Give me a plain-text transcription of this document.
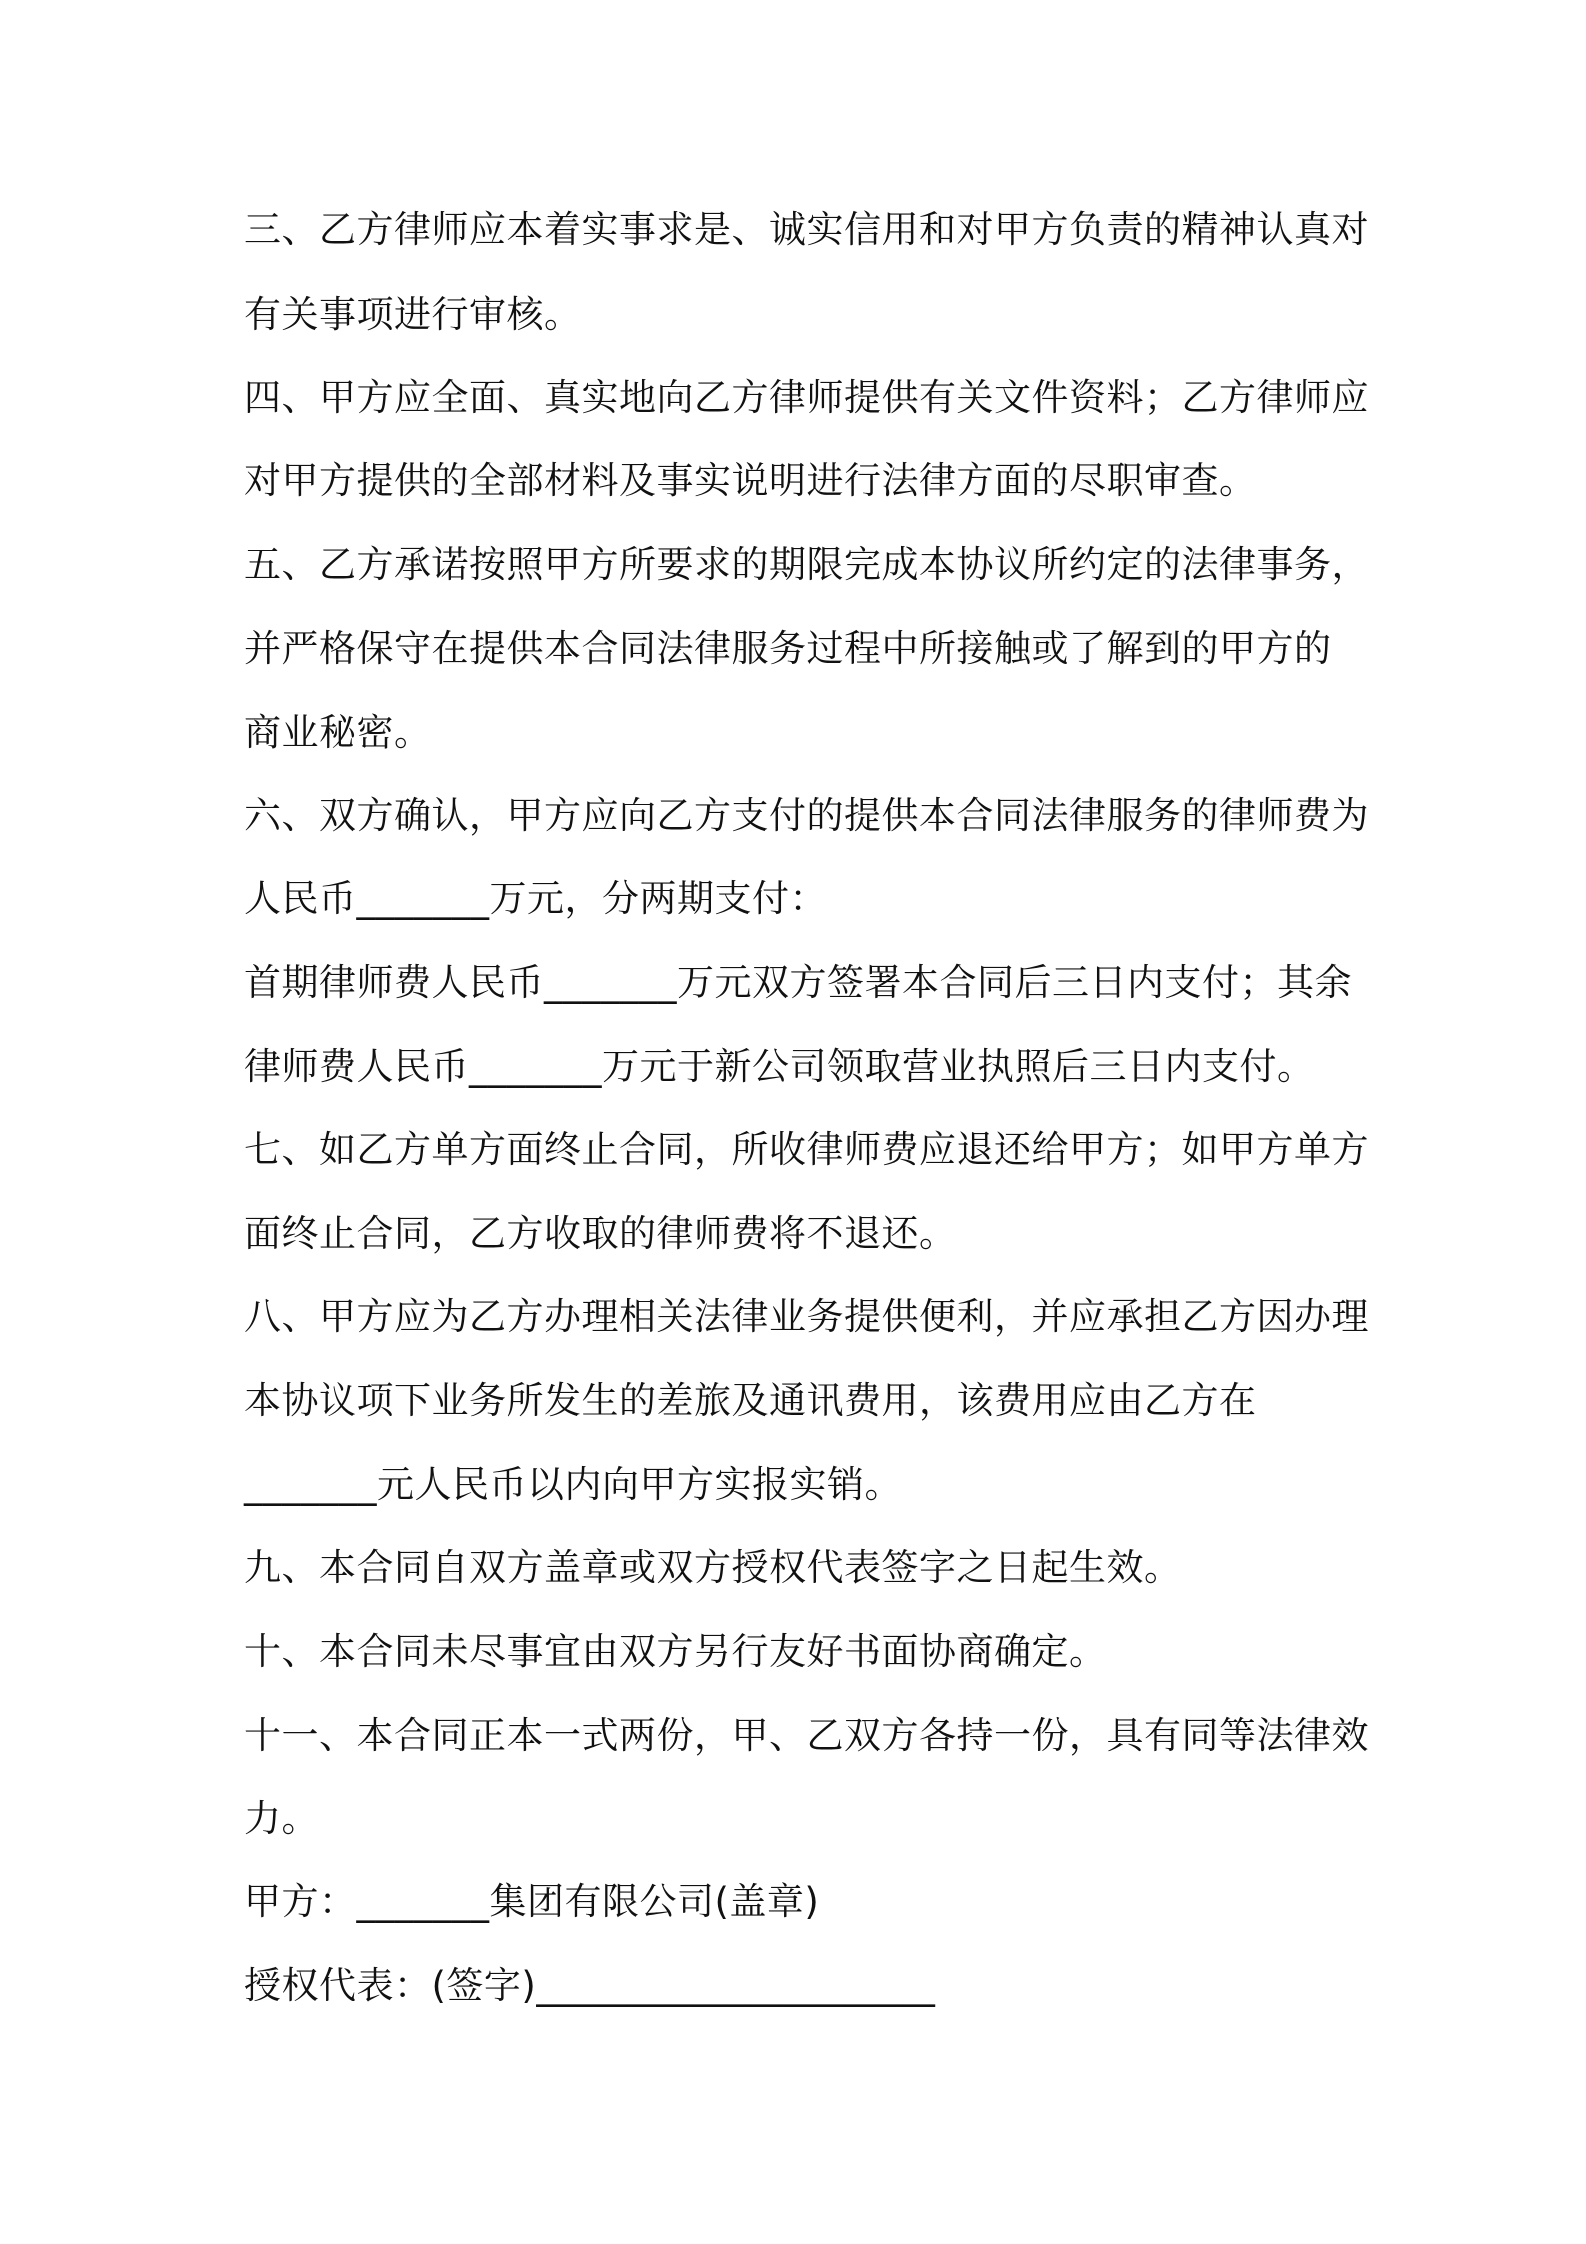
三、乙方律师应本着实事求是、诚实信用和对甲方负责的精神认真对
有关事项进行审核。
四、甲方应全面、真实地向乙方律师提供有关文件资料；乙方律师应
对甲方提供的全部材料及事实说明进行法律方面的尽职审查。
五、乙方承诺按照甲方所要求的期限完成本协议所约定的法律事务，
并严格保守在提供本合同法律服务过程中所接触或了解到的甲方的
商业秘密。
六、双方确认，甲方应向乙方支付的提供本合同法律服务的律师费为
人民币_______万元，分两期支付：
首期律师费人民币_______万元双方签署本合同后三日内支付；其余
律师费人民币_______万元于新公司领取营业执照后三日内支付。
七、如乙方单方面终止合同，所收律师费应退还给甲方；如甲方单方
面终止合同，乙方收取的律师费将不退还。
八、甲方应为乙方办理相关法律业务提供便利，并应承担乙方因办理
本协议项下业务所发生的差旅及通讯费用，该费用应由乙方在
_______元人民币以内向甲方实报实销。
九、本合同自双方盖章或双方授权代表签字之日起生效。
十、本合同未尽事宜由双方另行友好书面协商确定。
十一、本合同正本一式两份，甲、乙双方各持一份，具有同等法律效
力。
甲方：_______集团有限公司(盖章)
授权代表：(签字)_____________________
